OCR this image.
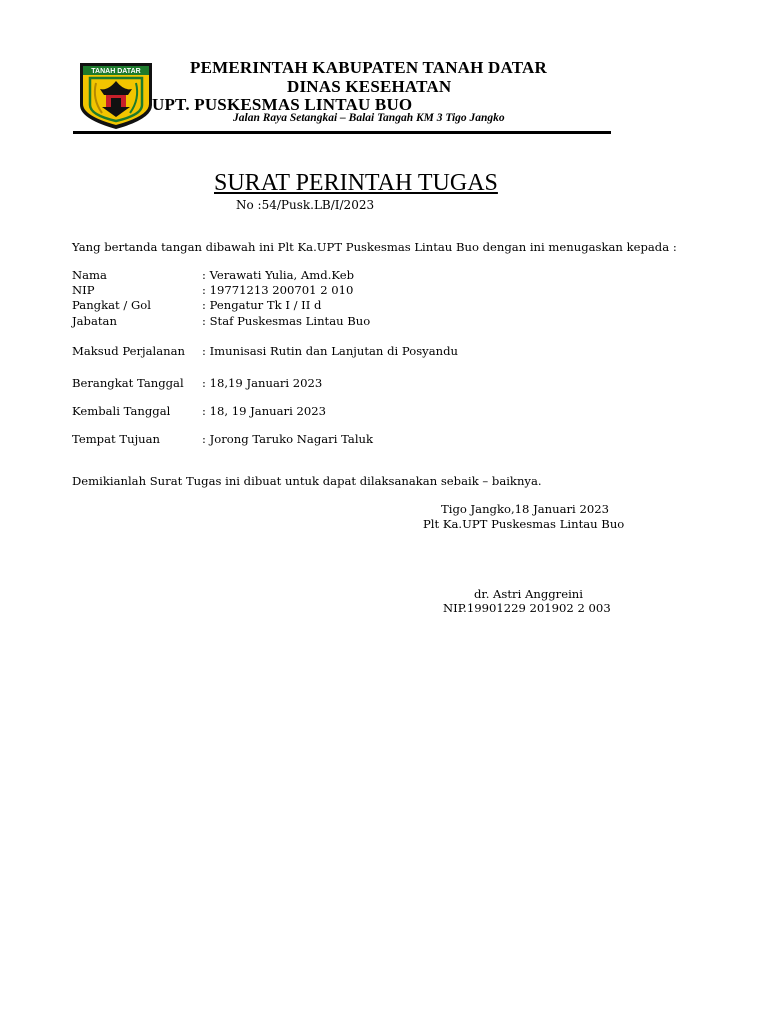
TANAH DATAR	PEMERINTAH KABUPATEN TANAH DATAR
DINAS KESEHATAN
UPT. PUSKESMAS LINTAU BUO
Jalan Raya Setangkai – Balai Tangah KM 3 Tigo Jangko
SURAT PERINTAH TUGAS
No :54/Pusk.LB/I/2023
Yang bertanda tangan dibawah ini Plt Ka.UPT Puskesmas Lintau Buo dengan ini menugaskan kepada :
Nama	: Verawati Yulia, Amd.Keb
NIP	: 19771213 200701 2 010
Pangkat / Gol	: Pengatur Tk I / II d
Jabatan	: Staf Puskesmas Lintau Buo
Maksud Perjalanan : Imunisasi Rutin dan Lanjutan di Posyandu
Berangkat Tanggal : 18,19 Januari 2023
Kembali Tanggal	: 18, 19 Januari 2023
Tempat Tujuan	: Jorong Taruko Nagari Taluk
Demikianlah Surat Tugas ini dibuat untuk dapat dilaksanakan sebaik – baiknya.
Tigo Jangko,18 Januari 2023
Plt Ka.UPT Puskesmas Lintau Buo
dr. Astri Anggreini
NIP.19901229 201902 2 003
